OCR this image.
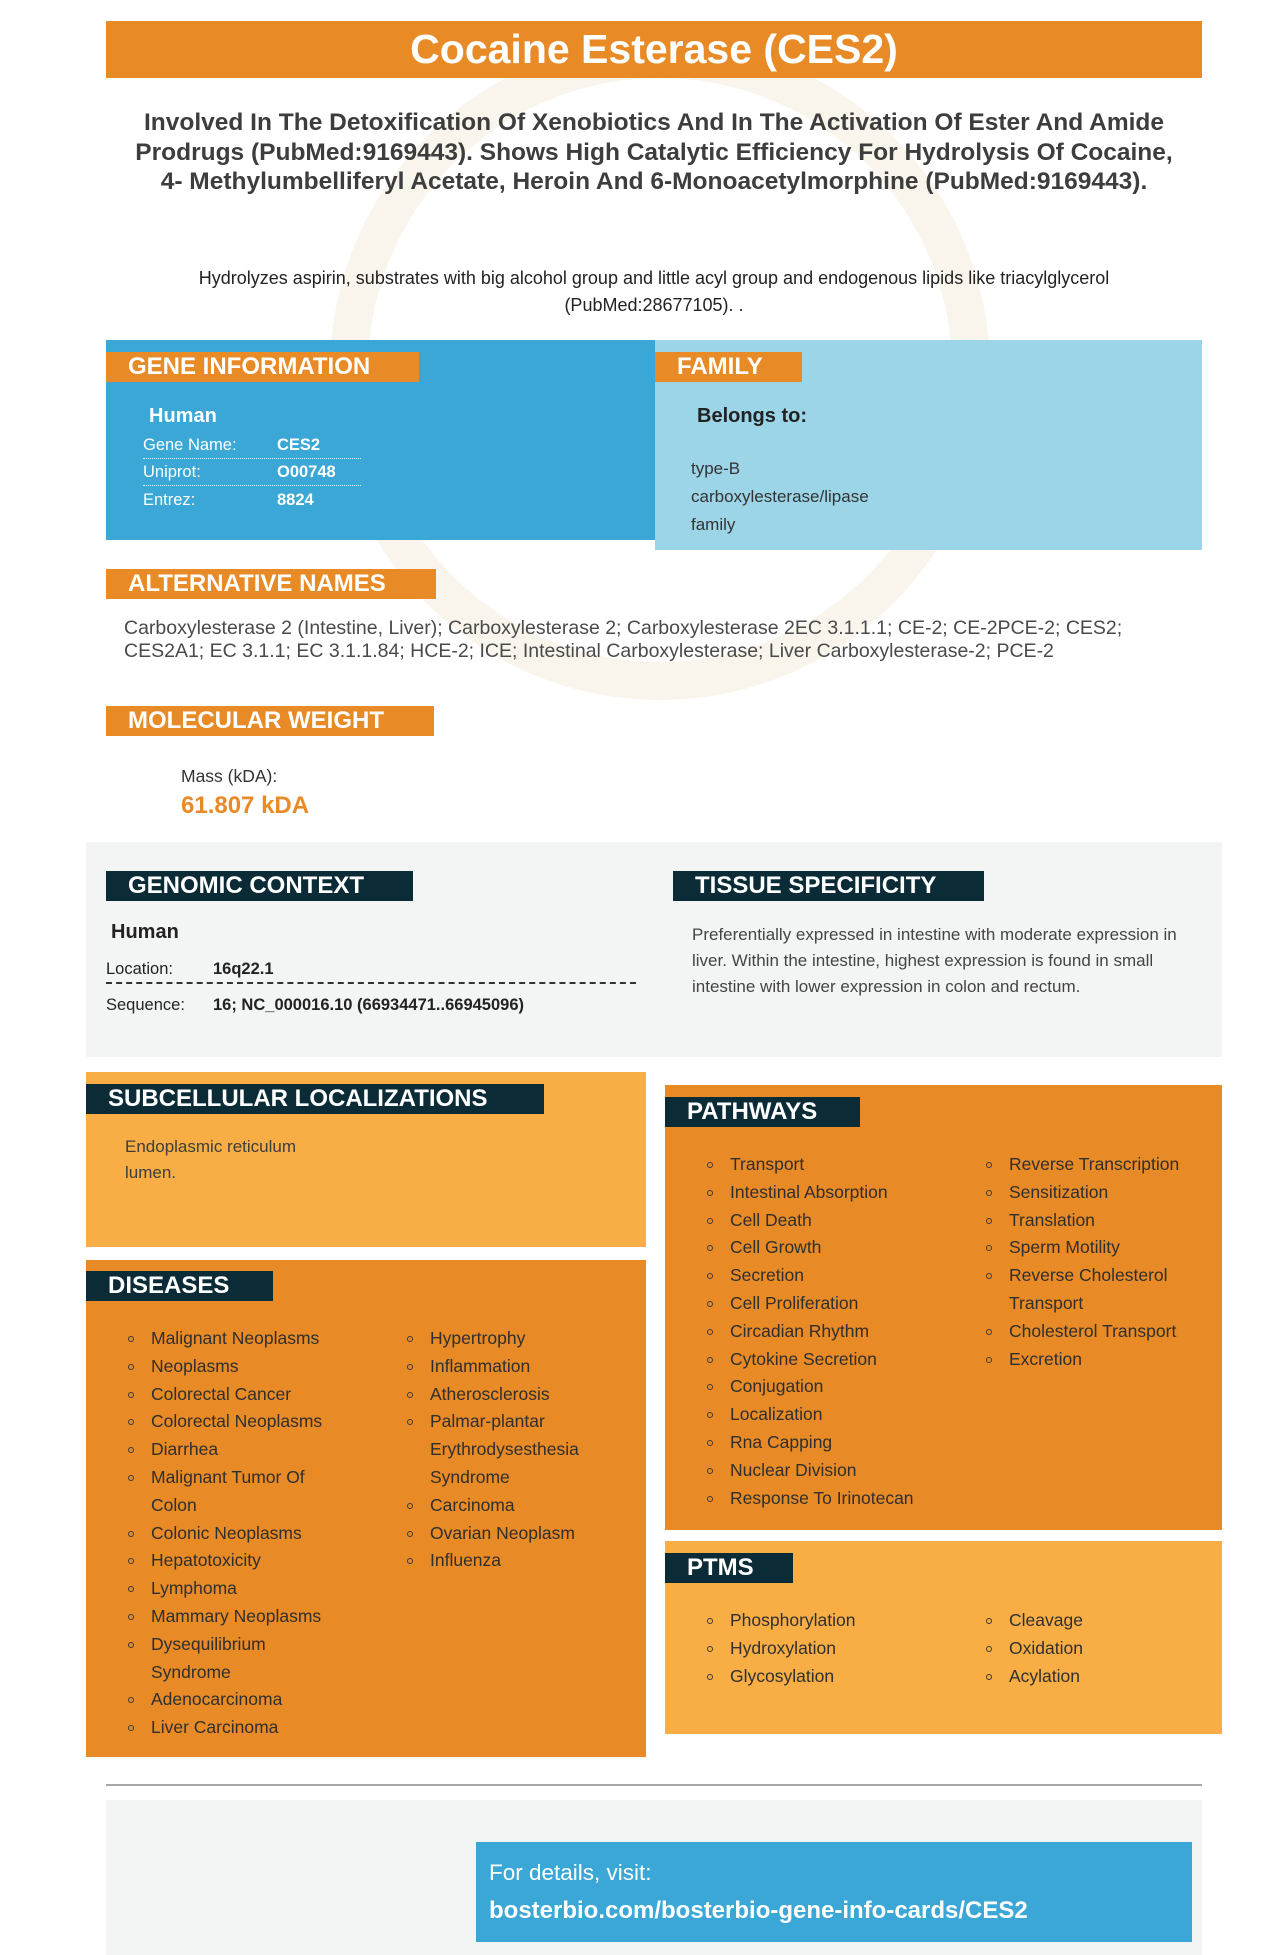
Cocaine Esterase (CES2)
Involved In The Detoxification Of Xenobiotics And In The Activation Of Ester And Amide Prodrugs (PubMed:9169443). Shows High Catalytic Efficiency For Hydrolysis Of Cocaine, 4- Methylumbelliferyl Acetate, Heroin And 6-Monoacetylmorphine (PubMed:9169443).
Hydrolyzes aspirin, substrates with big alcohol group and little acyl group and endogenous lipids like triacylglycerol (PubMed:28677105). .
GENE INFORMATION
Human
Gene Name: CES2
Uniprot:	O00748
Entrez:	8824
FAMILY
Belongs to:
type-B carboxylesterase/lipase family
ALTERNATIVE NAMES
Carboxylesterase 2 (Intestine, Liver); Carboxylesterase 2; Carboxylesterase 2EC 3.1.1.1; CE-2; CE-2PCE-2; CES2; CES2A1; EC 3.1.1; EC 3.1.1.84; HCE-2; ICE; Intestinal Carboxylesterase; Liver Carboxylesterase-2; PCE-2
MOLECULAR WEIGHT
Mass (kDA):
61.807 kDA
GENOMIC CONTEXT
Human
Location: 16q22.1
Sequence: 16; NC_000016.10 (66934471..66945096)
TISSUE SPECIFICITY
Preferentially expressed in intestine with moderate expression in liver. Within the intestine, highest expression is found in small intestine with lower expression in colon and rectum.
SUBCELLULAR LOCALIZATIONS
Endoplasmic reticulum lumen.
DISEASES
Malignant Neoplasms
Neoplasms
Colorectal Cancer
Colorectal Neoplasms
Diarrhea
Malignant Tumor Of Colon
Colonic Neoplasms
Hepatotoxicity
Lymphoma
Mammary Neoplasms
Dysequilibrium Syndrome
Adenocarcinoma
Liver Carcinoma
Hypertrophy
Inflammation
Atherosclerosis
Palmar-plantar Erythrodysesthesia Syndrome
Carcinoma
Ovarian Neoplasm
Influenza
PATHWAYS
Transport
Intestinal Absorption
Cell Death
Cell Growth
Secretion
Cell Proliferation
Circadian Rhythm
Cytokine Secretion
Conjugation
Localization
Rna Capping
Nuclear Division
Response To Irinotecan
Reverse Transcription
Sensitization
Translation
Sperm Motility
Reverse Cholesterol Transport
Cholesterol Transport
Excretion
PTMS
Phosphorylation
Hydroxylation
Glycosylation
Cleavage
Oxidation
Acylation
For details, visit:
bosterbio.com/bosterbio-gene-info-cards/CES2
